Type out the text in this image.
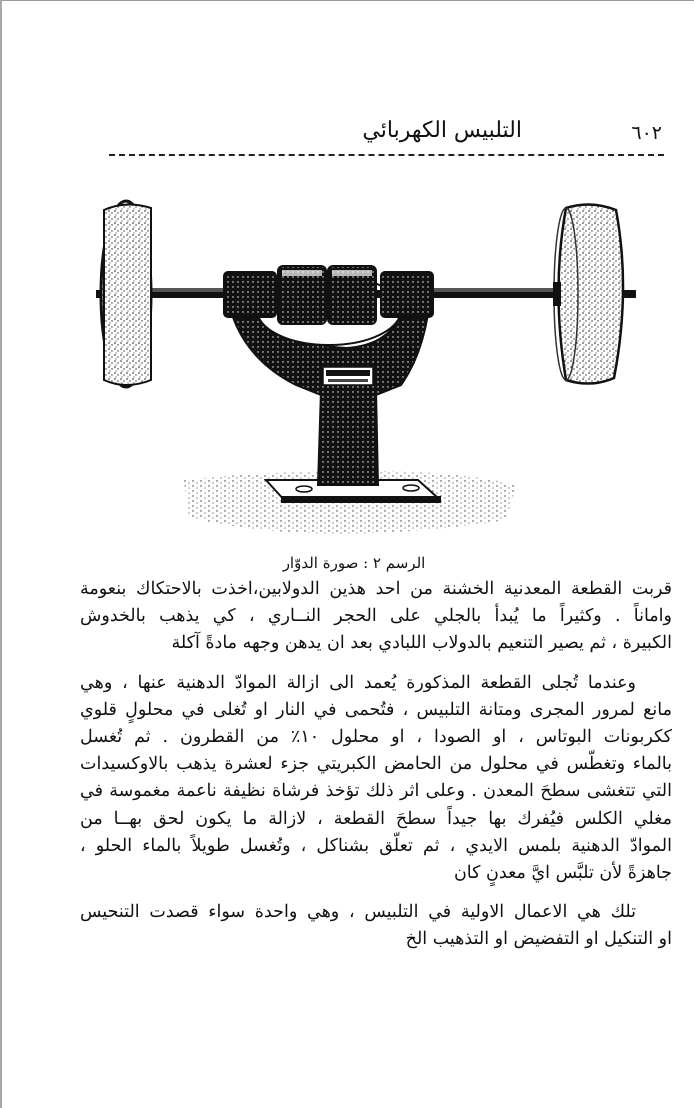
٦٠٢
التلبيس الكهربائي
الرسم ٢ : صورة الدوّار

قربت القطعة المعدنية الخشنة من احد هذين الدولابين،اخذت بالاحتكاك بنعومة
واماناً . وكثيراً ما يُبدأ بالجلي على الحجر النــاري ، كي يذهب بالخدوش
الكبيرة ، ثم يصير التنعيم بالدولاب اللبادي بعد ان يدهن وجهه مادةً آكلة

وعندما تُجلى القطعة المذكورة يُعمد الى ازالة الموادّ الدهنية عنها ، وهي
مانع لمرور المجرى ومتانة التلبيس ، فتُحمى في النار او تُغلى في محلولٍ قلوي
ككربونات البوتاس ، او الصودا ، او محلول ١٠٪ من القطرون . ثم تُغسل
بالماء وتغطّس في محلول من الحامض الكبريتي جزء لعشرة يذهب بالاوكسيدات
التي تتغشى سطحَ المعدن . وعلى اثر ذلك تؤخذ فرشاة نظيفة ناعمة مغموسة في
مغلي الكلس فيُفرك بها جيداً سطحَ القطعة ، لازالة ما يكون لحق بهــا من
الموادّ الدهنية بلمس الايدي ، ثم تعلّق بشناكل ، وتُغسل طويلاً بالماء الحلو ،
جاهزةً لأن تلبَّس ايَّ معدنٍ كان

تلك هي الاعمال الاولية في التلبيس ، وهي واحدة سواء قصدت التنحيس
او التنكيل او التفضيض او التذهيب الخ
